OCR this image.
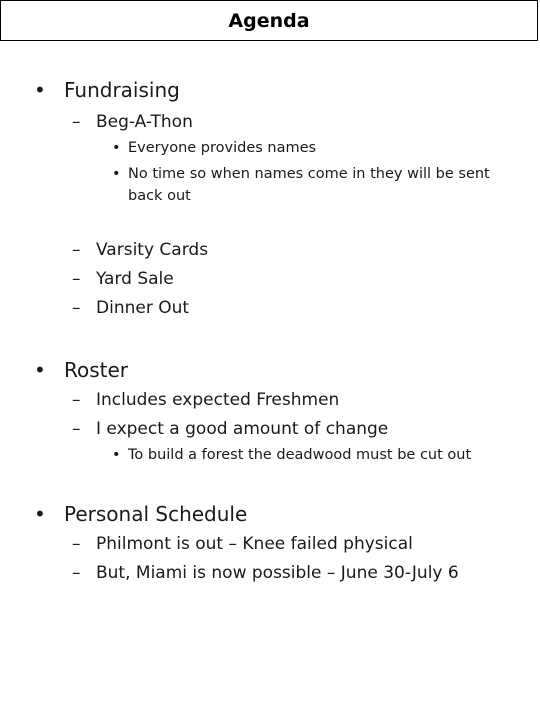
Agenda
• Fundraising
– Beg-A-Thon
• Everyone provides names
• No time so when names come in they will be sent back out
– Varsity Cards
– Yard Sale
– Dinner Out
• Roster
– Includes expected Freshmen
– I expect a good amount of change
• To build a forest the deadwood must be cut out
• Personal Schedule
– Philmont is out – Knee failed physical
– But, Miami is now possible – June 30-July 6
